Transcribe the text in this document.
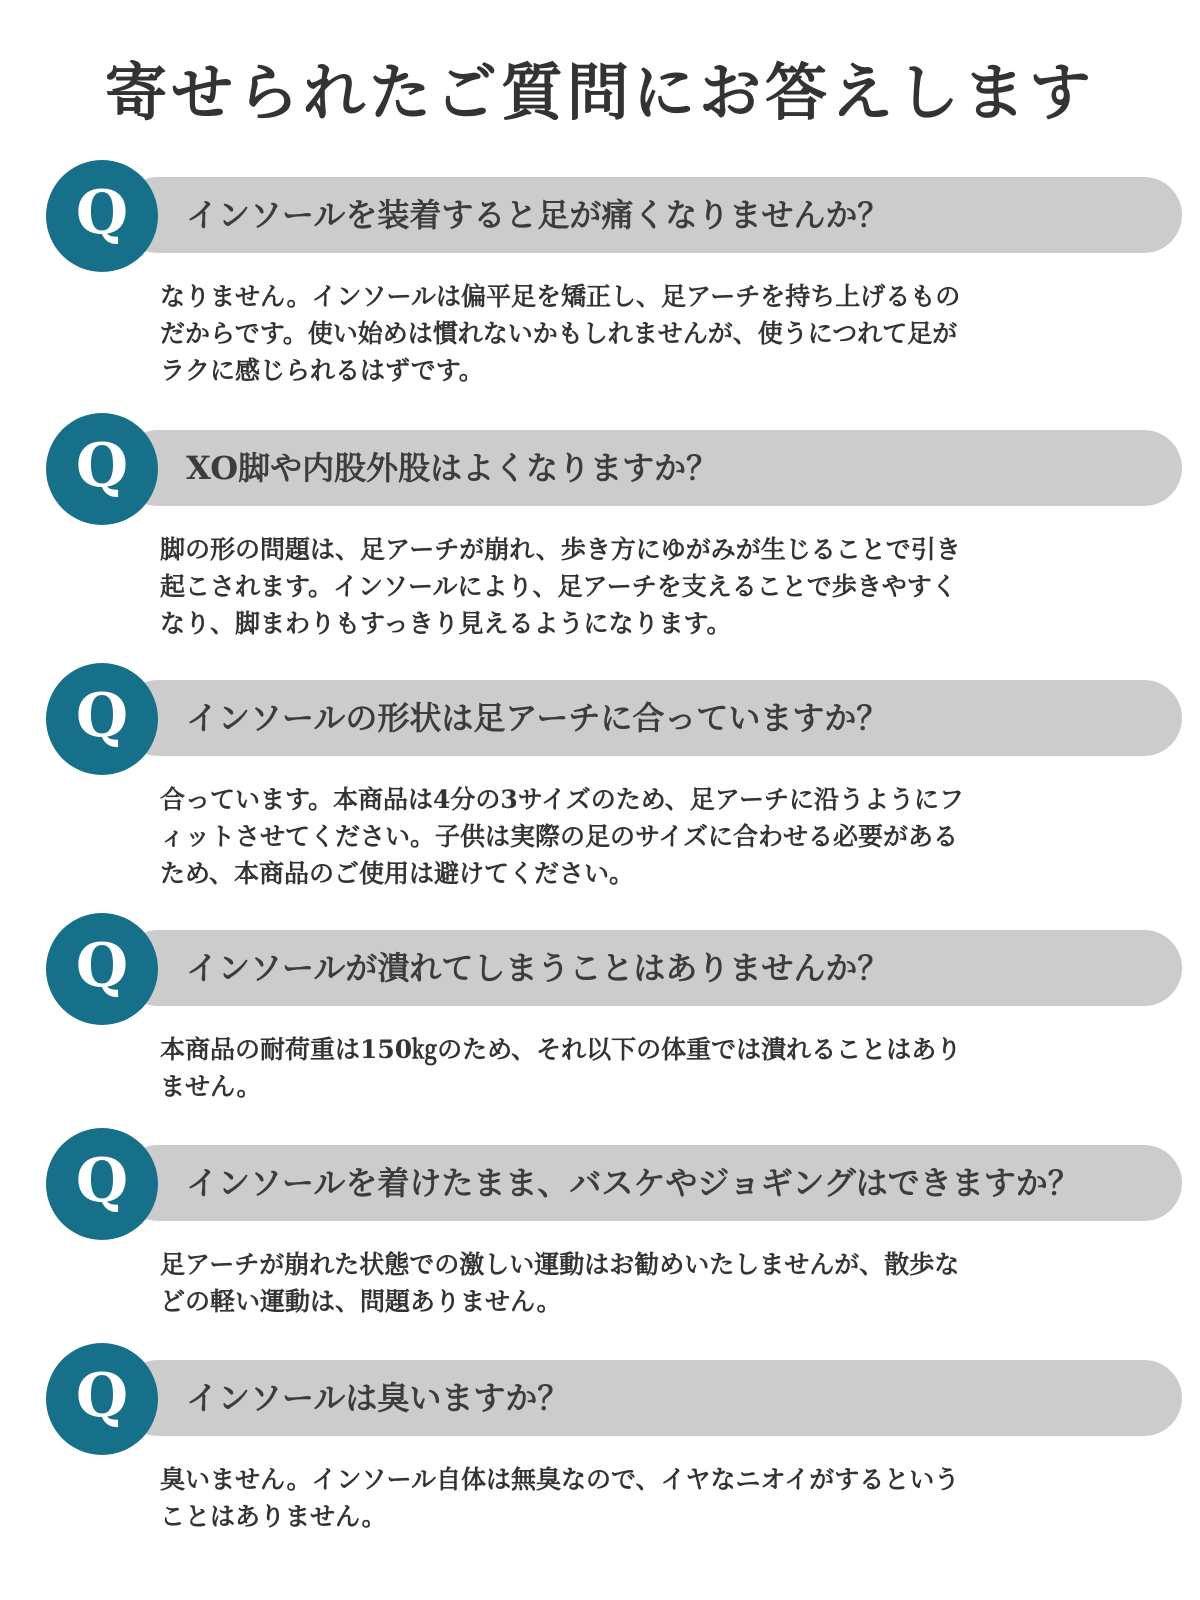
寄せられたご質問にお答えします
Q	インソールを装着すると足が痛くなりませんか？

なりません。インソールは偏平足を矯正し、足アーチを持ち上げるものだからです。使い始めは慣れないかもしれませんが、使うにつれて足がラクに感じられるはずです。

Q	XO脚や内股外股はよくなりますか？

脚の形の問題は、足アーチが崩れ、歩き方にゆがみが生じることで引き起こされます。インソールにより、足アーチを支えることで歩きやすくなり、脚まわりもすっきり見えるようになります。

Q	インソールの形状は足アーチに合っていますか？

合っています。本商品は4分の3サイズのため、足アーチに沿うようにフィットさせてください。子供は実際の足のサイズに合わせる必要があるため、本商品のご使用は避けてください。

Q	インソールが潰れてしまうことはありませんか？

本商品の耐荷重は150㎏のため、それ以下の体重では潰れることはありません。

Q	インソールを着けたまま、バスケやジョギングはできますか？

足アーチが崩れた状態での激しい運動はお勧めいたしませんが、散歩などの軽い運動は、問題ありません。

Q	インソールは臭いますか？

臭いません。インソール自体は無臭なので、イヤなニオイがするということはありません。
